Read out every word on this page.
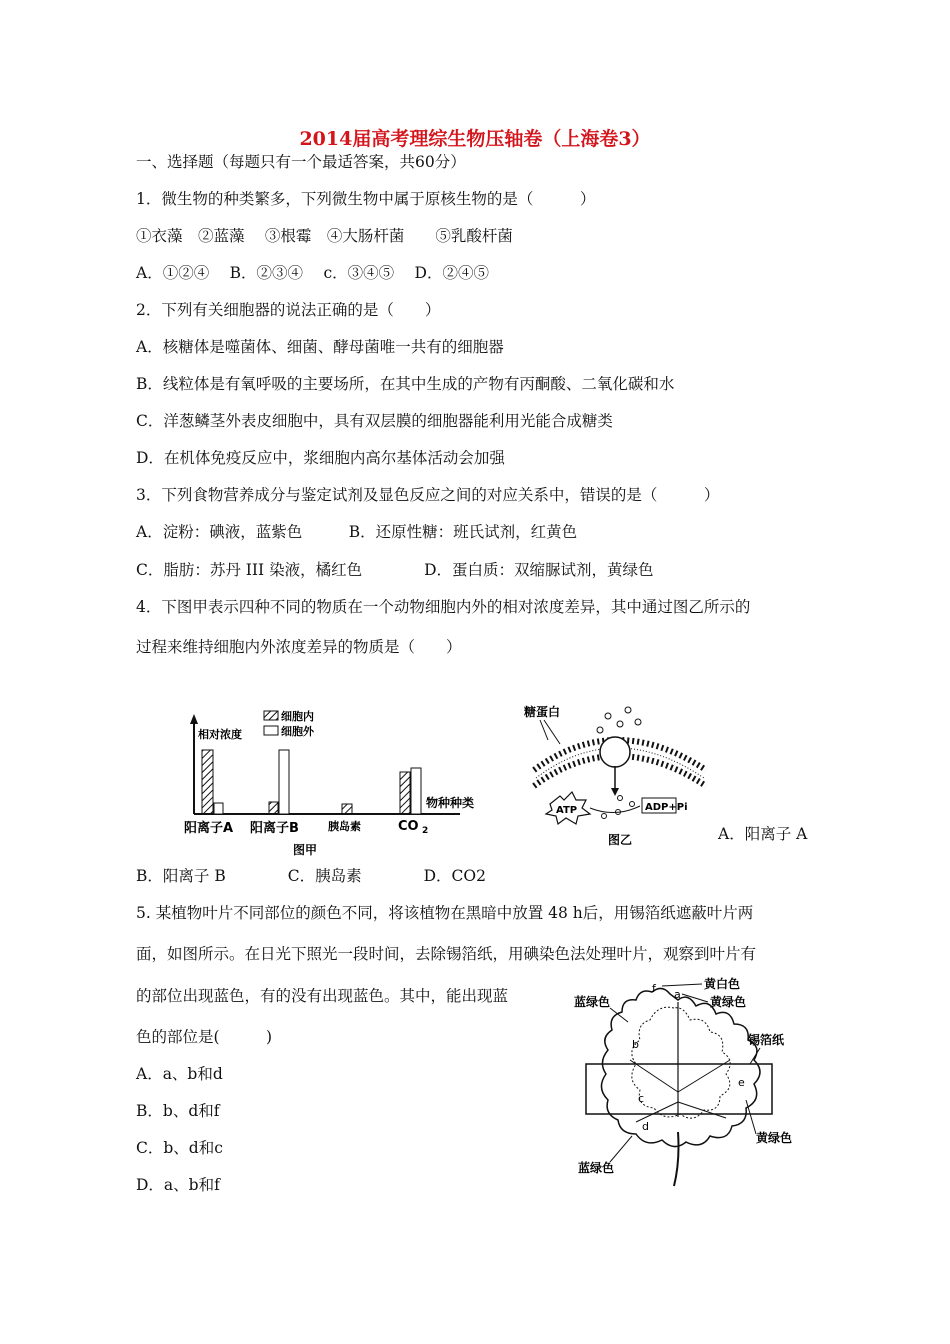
2014届高考理综生物压轴卷（上海卷3）
一、选择题（每题只有一个最适答案，共60分）
1．微生物的种类繁多，下列微生物中属于原核生物的是（　　　）
①衣藻　②蓝藻　 ③根霉　④大肠杆菌　　⑤乳酸杆菌
A．①②④　 B．②③④　 c．③④⑤　 D．②④⑤
2．下列有关细胞器的说法正确的是（　　）
A．核糖体是噬菌体、细菌、酵母菌唯一共有的细胞器
B．线粒体是有氧呼吸的主要场所，在其中生成的产物有丙酮酸、二氧化碳和水
C．洋葱鳞茎外表皮细胞中，具有双层膜的细胞器能利用光能合成糖类
D．在机体免疫反应中，浆细胞内高尔基体活动会加强
3．下列食物营养成分与鉴定试剂及显色反应之间的对应关系中，错误的是（　　　）
A．淀粉：碘液，蓝紫色　　　B．还原性糖：班氏试剂，红黄色
C．脂肪：苏丹 III 染液，橘红色　　　　D．蛋白质：双缩脲试剂，黄绿色
4．下图甲表示四种不同的物质在一个动物细胞内外的相对浓度差异，其中通过图乙所示的
过程来维持细胞内外浓度差异的物质是（　　）
相对浓度
细胞内
细胞外
物种种类
阳离子A 阳离子B	胰岛素	CO 2
图甲
糖蛋白
ATP	ADP+Pi
图乙	A．阳离子 A
B．阳离子 B　　　　C．胰岛素　　　　D．CO2
5. 某植物叶片不同部位的颜色不同，将该植物在黑暗中放置 48 h后，用锡箔纸遮蔽叶片两
面，如图所示。在日光下照光一段时间，去除锡箔纸，用碘染色法处理叶片，观察到叶片有
的部位出现蓝色，有的没有出现蓝色。其中，能出现蓝
色的部位是(　　　)
A．a、b和d
B．b、d和f
C．b、d和c
D．a、b和f
a
f
b
c
d
e
黄白色
黄绿色
蓝绿色
锡箔纸
黄绿色
蓝绿色
